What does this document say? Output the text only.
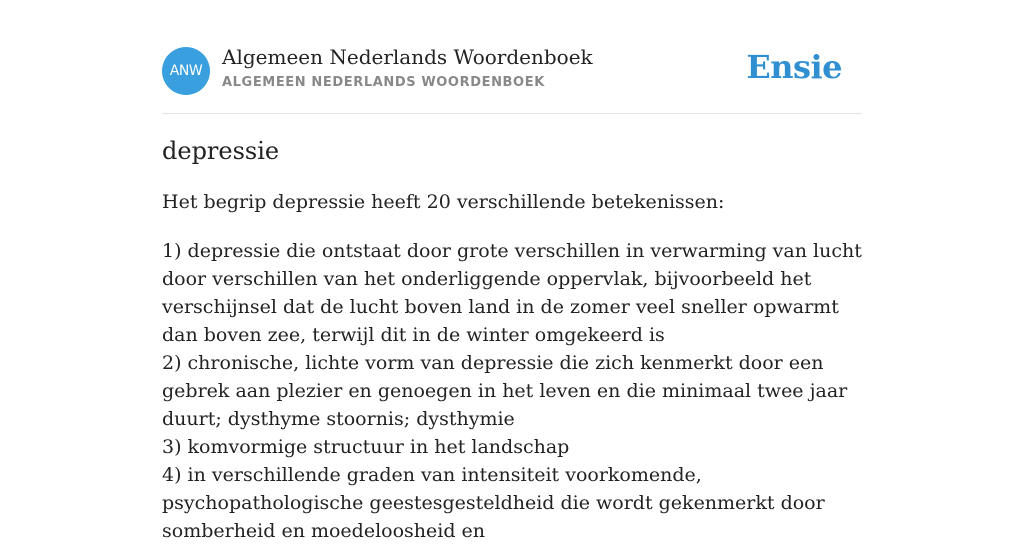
ANW
Algemeen Nederlands Woordenboek
ALGEMEEN NEDERLANDS WOORDENBOEK	Ensie
depressie

Het begrip depressie heeft 20 verschillende betekenissen:

1) depressie die ontstaat door grote verschillen in verwarming van lucht door verschillen van het onderliggende oppervlak, bijvoorbeeld het verschijnsel dat de lucht boven land in de zomer veel sneller opwarmt dan boven zee, terwijl dit in de winter omgekeerd is
2) chronische, lichte vorm van depressie die zich kenmerkt door een gebrek aan plezier en genoegen in het leven en die minimaal twee jaar duurt; dysthyme stoornis; dysthymie
3) komvormige structuur in het landschap
4) in verschillende graden van intensiteit voorkomende, psychopathologische geestesgesteldheid die wordt gekenmerkt door somberheid en moedeloosheid en
